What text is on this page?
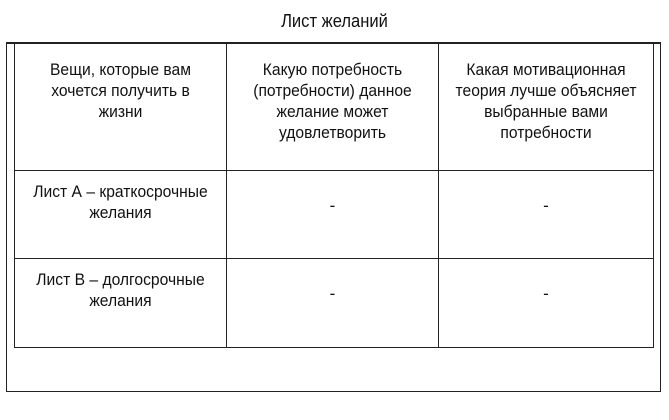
Лист желаний
Вещи, которые вам хочется получить в жизни	Какую потребность (потребности) данное желание может удовлетворить	Какая мотивационная теория лучше объясняет выбранные вами потребности
Лист А – краткосрочные желания	-	-
Лист В – долгосрочные желания	-	-
